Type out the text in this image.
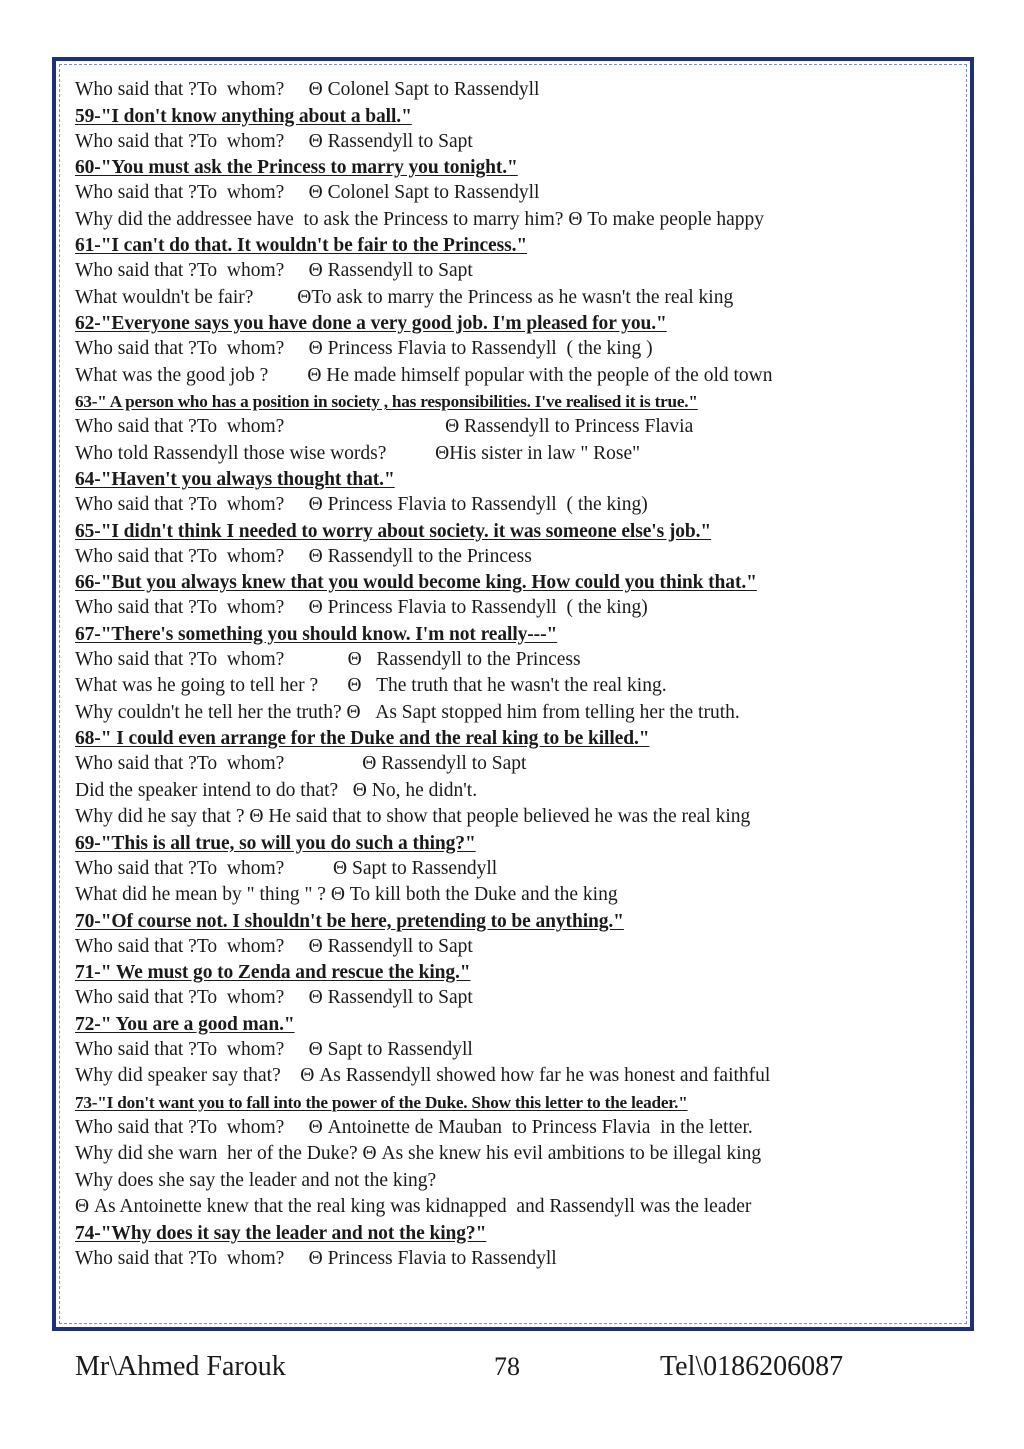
Who said that ?To  whom?     Θ Colonel Sapt to Rassendyll
59-"I don't know anything about a ball."
Who said that ?To  whom?     Θ Rassendyll to Sapt
60-"You must ask the Princess to marry you tonight."
Who said that ?To  whom?     Θ Colonel Sapt to Rassendyll
Why did the addressee have  to ask the Princess to marry him? Θ To make people happy
61-"I can't do that. It wouldn't be fair to the Princess."
Who said that ?To  whom?     Θ Rassendyll to Sapt
What wouldn't be fair?         ΘTo ask to marry the Princess as he wasn't the real king
62-"Everyone says you have done a very good job. I'm pleased for you."
Who said that ?To  whom?     Θ Princess Flavia to Rassendyll  ( the king )
What was the good job ?        Θ He made himself popular with the people of the old town
63-" A person who has a position in society , has responsibilities. I've realised it is true."
Who said that ?To  whom?                                 Θ Rassendyll to Princess Flavia
Who told Rassendyll those wise words?          ΘHis sister in law " Rose"
64-"Haven't you always thought that."
Who said that ?To  whom?     Θ Princess Flavia to Rassendyll  ( the king)
65-"I didn't think I needed to worry about society. it was someone else's job."
Who said that ?To  whom?     Θ Rassendyll to the Princess
66-"But you always knew that you would become king. How could you think that."
Who said that ?To  whom?     Θ Princess Flavia to Rassendyll  ( the king)
67-"There's something you should know. I'm not really---"
Who said that ?To  whom?             Θ   Rassendyll to the Princess
What was he going to tell her ?      Θ   The truth that he wasn't the real king.
Why couldn't he tell her the truth? Θ   As Sapt stopped him from telling her the truth.
68-" I could even arrange for the Duke and the real king to be killed."
Who said that ?To  whom?                Θ Rassendyll to Sapt
Did the speaker intend to do that?   Θ No, he didn't.
Why did he say that ? Θ He said that to show that people believed he was the real king
69-"This is all true, so will you do such a thing?"
Who said that ?To  whom?          Θ Sapt to Rassendyll
What did he mean by " thing " ? Θ To kill both the Duke and the king
70-"Of course not. I shouldn't be here, pretending to be anything."
Who said that ?To  whom?     Θ Rassendyll to Sapt
71-" We must go to Zenda and rescue the king."
Who said that ?To  whom?     Θ Rassendyll to Sapt
72-" You are a good man."
Who said that ?To  whom?     Θ Sapt to Rassendyll
Why did speaker say that?    Θ As Rassendyll showed how far he was honest and faithful
73-"I don't want you to fall into the power of the Duke. Show this letter to the leader."
Who said that ?To  whom?     Θ Antoinette de Mauban  to Princess Flavia  in the letter.
Why did she warn  her of the Duke? Θ As she knew his evil ambitions to be illegal king
Why does she say the leader and not the king?
Θ As Antoinette knew that the real king was kidnapped  and Rassendyll was the leader
74-"Why does it say the leader and not the king?"
Who said that ?To  whom?     Θ Princess Flavia to Rassendyll
Mr\Ahmed Farouk	78	Tel\0186206087
